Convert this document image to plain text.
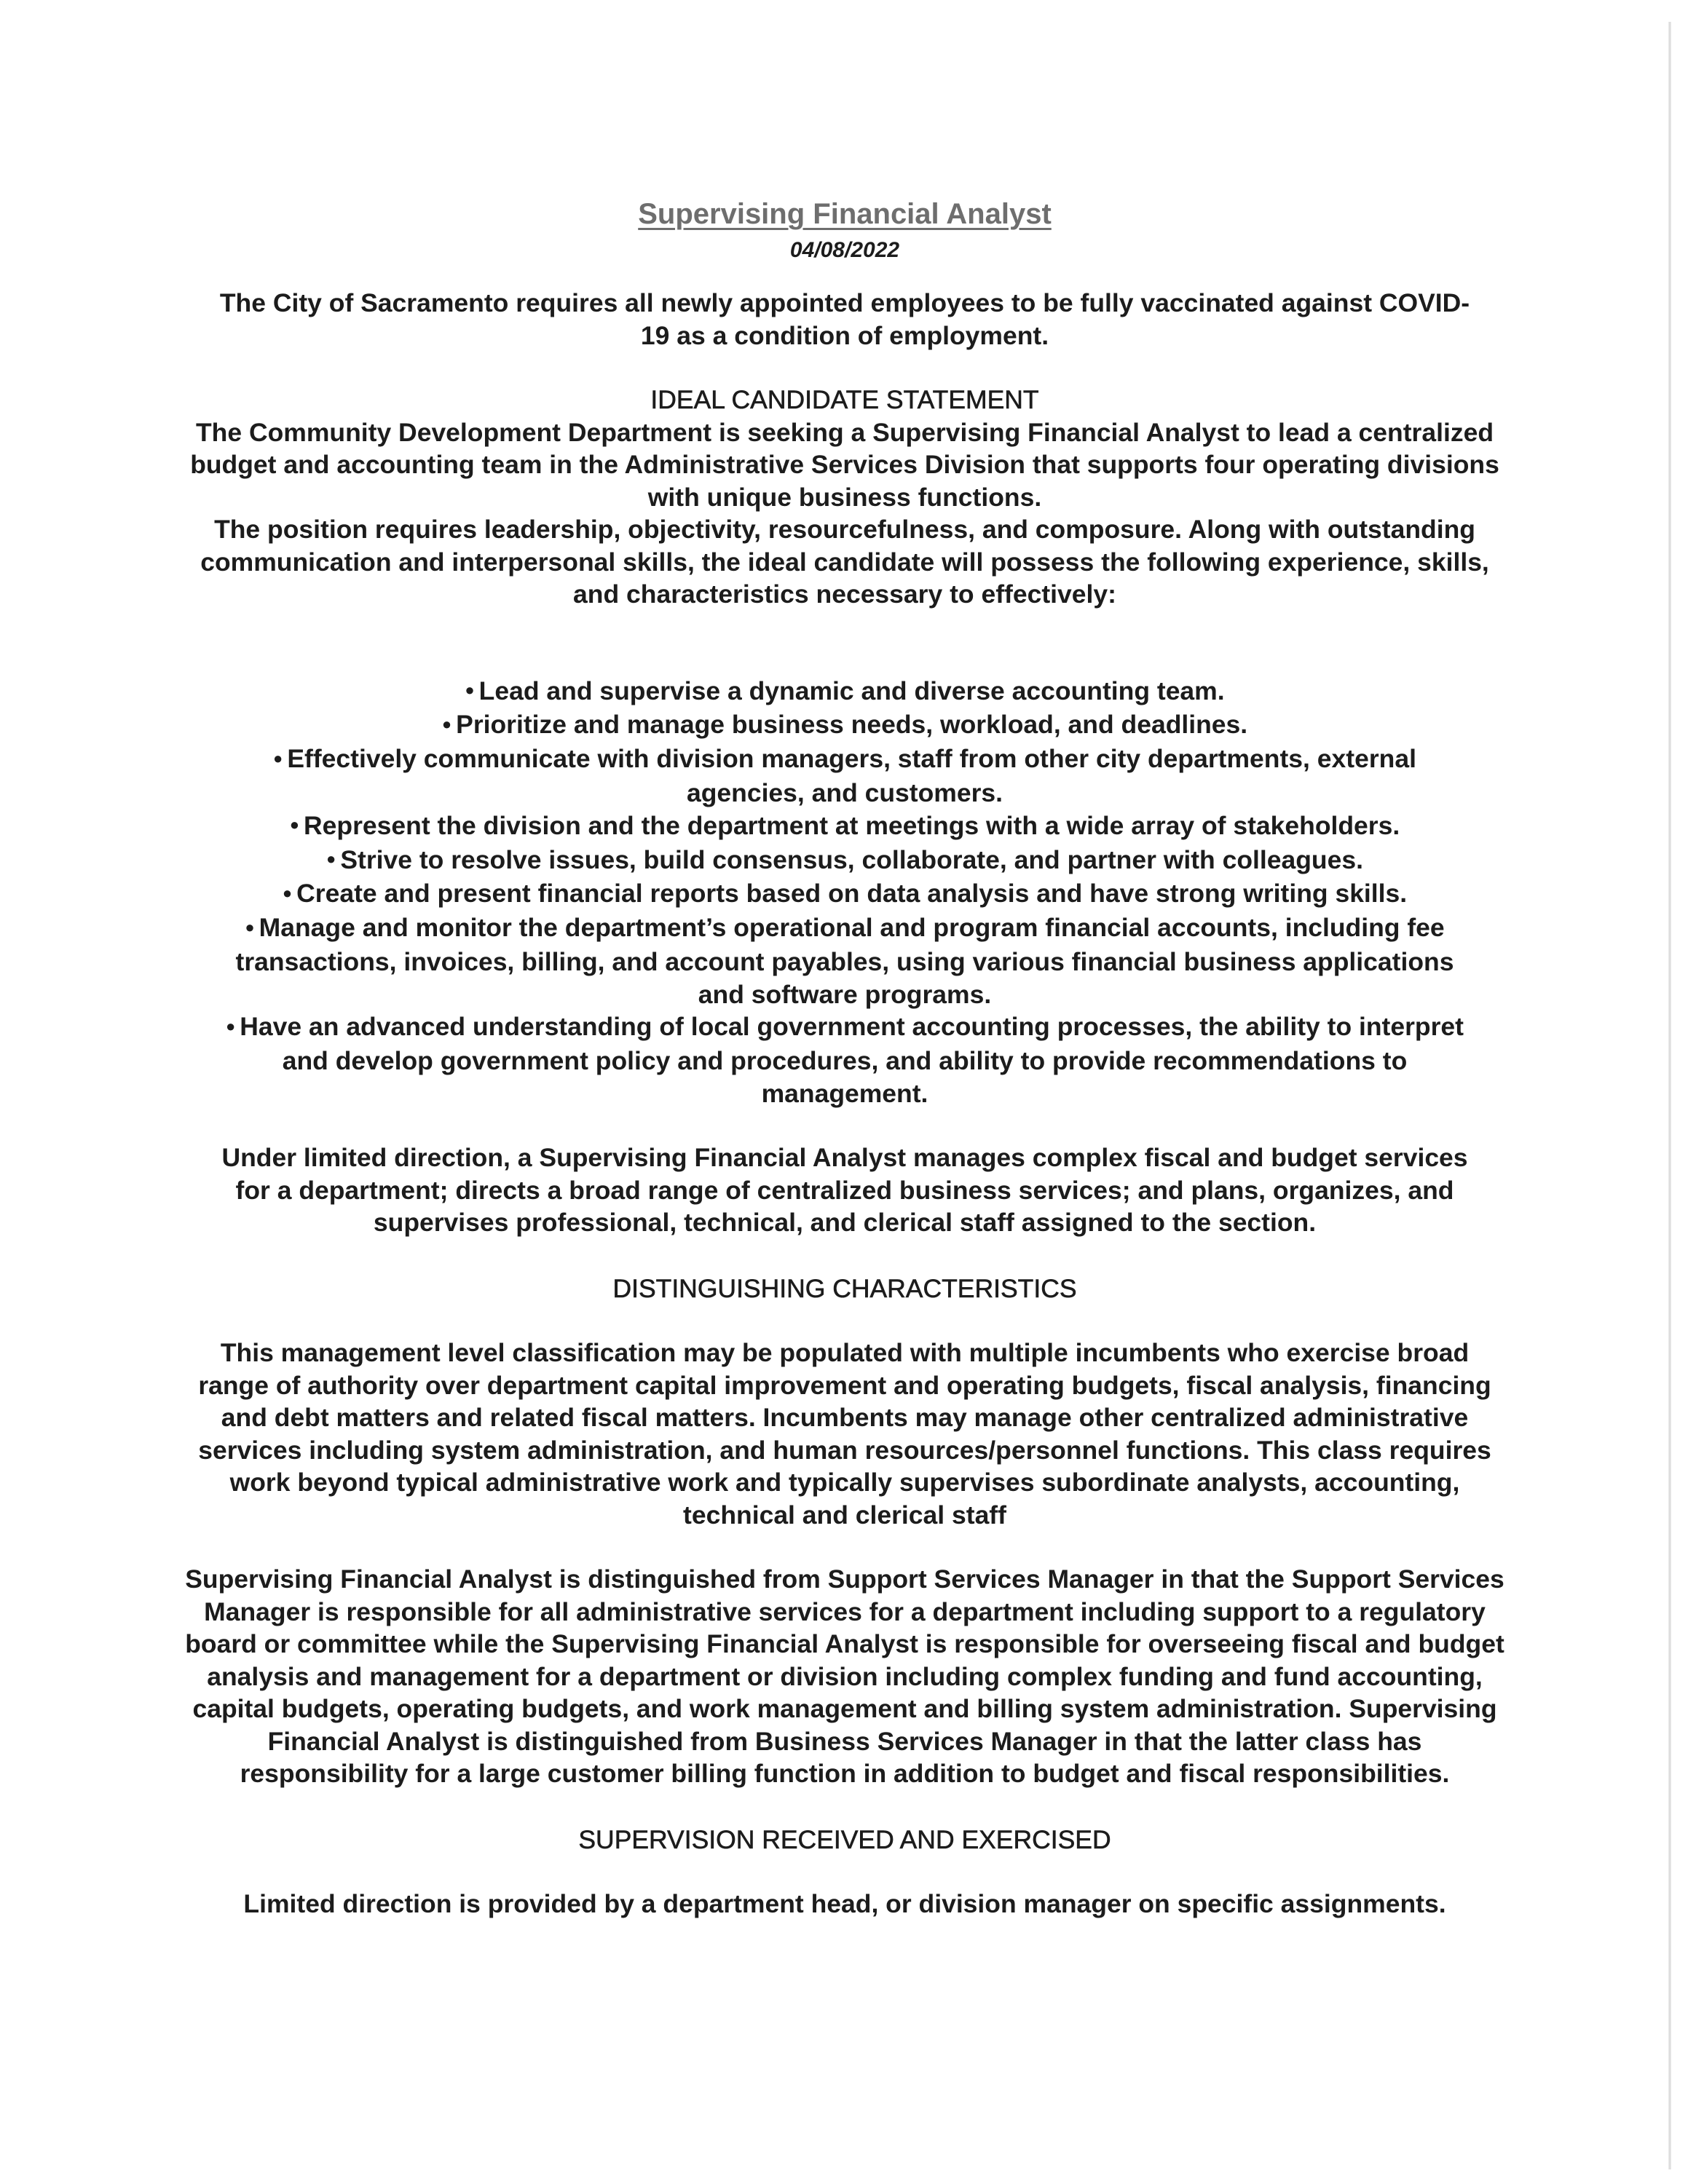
Supervising Financial Analyst

04/08/2022

The City of Sacramento requires all newly appointed employees to be fully vaccinated against COVID-19 as a condition of employment.

IDEAL CANDIDATE STATEMENT

The Community Development Department is seeking a Supervising Financial Analyst to lead a centralized budget and accounting team in the Administrative Services Division that supports four operating divisions with unique business functions.

The position requires leadership, objectivity, resourcefulness, and composure. Along with outstanding communication and interpersonal skills, the ideal candidate will possess the following experience, skills, and characteristics necessary to effectively:

● Lead and supervise a dynamic and diverse accounting team.
● Prioritize and manage business needs, workload, and deadlines.
● Effectively communicate with division managers, staff from other city departments, external agencies, and customers.
● Represent the division and the department at meetings with a wide array of stakeholders.
● Strive to resolve issues, build consensus, collaborate, and partner with colleagues.
● Create and present financial reports based on data analysis and have strong writing skills.
● Manage and monitor the department’s operational and program financial accounts, including fee transactions, invoices, billing, and account payables, using various financial business applications and software programs.
● Have an advanced understanding of local government accounting processes, the ability to interpret and develop government policy and procedures, and ability to provide recommendations to management.

Under limited direction, a Supervising Financial Analyst manages complex fiscal and budget services for a department; directs a broad range of centralized business services; and plans, organizes, and supervises professional, technical, and clerical staff assigned to the section.

DISTINGUISHING CHARACTERISTICS

This management level classification may be populated with multiple incumbents who exercise broad range of authority over department capital improvement and operating budgets, fiscal analysis, financing and debt matters and related fiscal matters. Incumbents may manage other centralized administrative services including system administration, and human resources/personnel functions. This class requires work beyond typical administrative work and typically supervises subordinate analysts, accounting, technical and clerical staff

Supervising Financial Analyst is distinguished from Support Services Manager in that the Support Services Manager is responsible for all administrative services for a department including support to a regulatory board or committee while the Supervising Financial Analyst is responsible for overseeing fiscal and budget analysis and management for a department or division including complex funding and fund accounting, capital budgets, operating budgets, and work management and billing system administration. Supervising Financial Analyst is distinguished from Business Services Manager in that the latter class has responsibility for a large customer billing function in addition to budget and fiscal responsibilities.

SUPERVISION RECEIVED AND EXERCISED

Limited direction is provided by a department head, or division manager on specific assignments.
